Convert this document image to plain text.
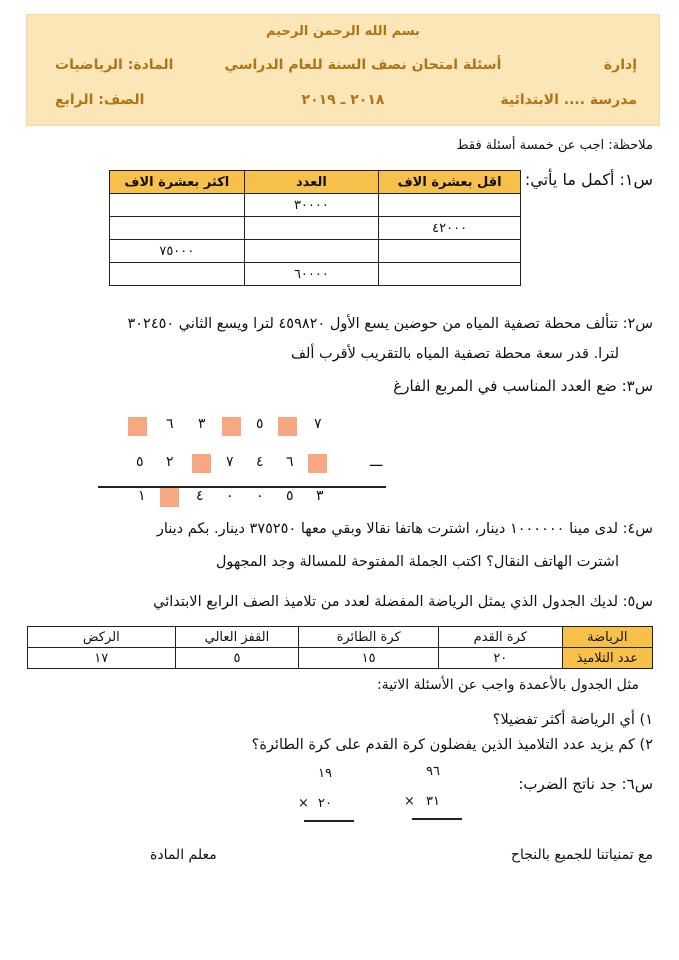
بسم الله الرحمن الرحيم
إدارة
أسئلة امتحان نصف السنة للعام الدراسي
المادة: الرياضيات
مدرسة .... الابتدائية
٢٠١٨ ـ ٢٠١٩
الصف: الرابع
ملاحظة: اجب عن خمسة أسئلة فقط
س١: أكمل ما يأتي:
اقل بعشرة الاف	العدد	اكثر بعشرة الاف
	٣٠٠٠٠	
٤٢٠٠٠		
		٧٥٠٠٠
	٦٠٠٠٠	
س٢: تتألف محطة تصفية المياه من حوضين يسع الأول ٤٥٩٨٢٠ لترا ويسع الثاني ٣٠٢٤٥٠
لترا. قدر سعة محطة تصفية المياه بالتقريب لأقرب ألف
س٣: ضع العدد المناسب في المربع الفارغ
٦ ٣	٥	٧
٥ ٢	٧ ٤ ٦	ـــ
١	٤ ٠ ٠ ٥ ٣
س٤: لدى مينا ١٠٠٠٠٠٠ دينار، اشترت هاتفا نقالا وبقي معها ٣٧٥٢٥٠ دينار. بكم دينار
اشترت الهاتف النقال؟ اكتب الجملة المفتوحة للمسالة وجد المجهول
س٥: لديك الجدول الذي يمثل الرياضة المفضلة لعدد من تلاميذ الصف الرابع الابتدائي
الرياضة	كرة القدم	كرة الطائرة	القفز العالي	الركض
عدد التلاميذ	٢٠	١٥	٥	١٧
مثل الجدول بالأعمدة واجب عن الأسئلة الاتية:
١) أي الرياضة أكثر تفضيلا؟
٢) كم يزيد عدد التلاميذ الذين يفضلون كرة القدم على كرة الطائرة؟
س٦: جد ناتج الضرب:
٩٦
× ٣١
١٩
× ٢٠
مع تمنياتنا للجميع بالنجاح
معلم المادة
